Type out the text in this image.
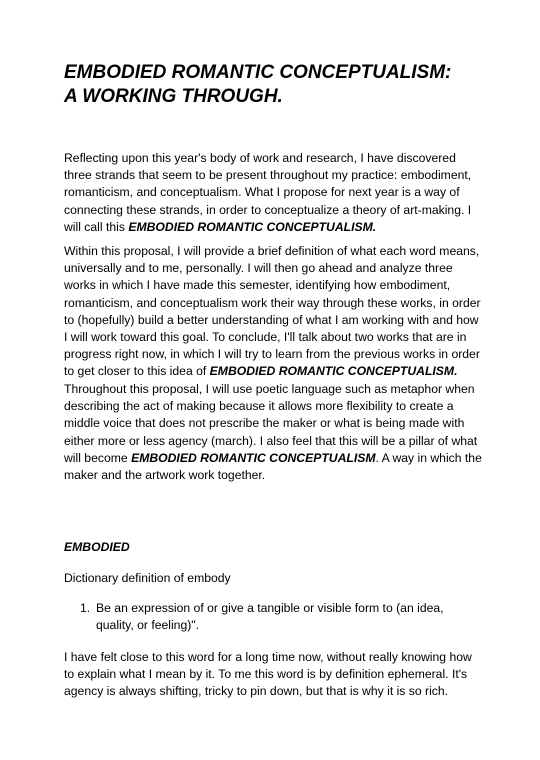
EMBODIED ROMANTIC CONCEPTUALISM:
A WORKING THROUGH.

Reflecting upon this year's body of work and research, I have discovered three strands that seem to be present throughout my practice: embodiment, romanticism, and conceptualism. What I propose for next year is a way of connecting these strands, in order to conceptualize a theory of art-making. I will call this EMBODIED ROMANTIC CONCEPTUALISM.

Within this proposal, I will provide a brief definition of what each word means, universally and to me, personally. I will then go ahead and analyze three works in which I have made this semester, identifying how embodiment, romanticism, and conceptualism work their way through these works, in order to (hopefully) build a better understanding of what I am working with and how I will work toward this goal. To conclude, I'll talk about two works that are in progress right now, in which I will try to learn from the previous works in order to get closer to this idea of EMBODIED ROMANTIC CONCEPTUALISM.

Throughout this proposal, I will use poetic language such as metaphor when describing the act of making because it allows more flexibility to create a middle voice that does not prescribe the maker or what is being made with either more or less agency (march). I also feel that this will be a pillar of what will become EMBODIED ROMANTIC CONCEPTUALISM. A way in which the maker and the artwork work together.

EMBODIED

Dictionary definition of embody

1. Be an expression of or give a tangible or visible form to (an idea, quality, or feeling)".

I have felt close to this word for a long time now, without really knowing how to explain what I mean by it. To me this word is by definition ephemeral. It's agency is always shifting, tricky to pin down, but that is why it is so rich.
